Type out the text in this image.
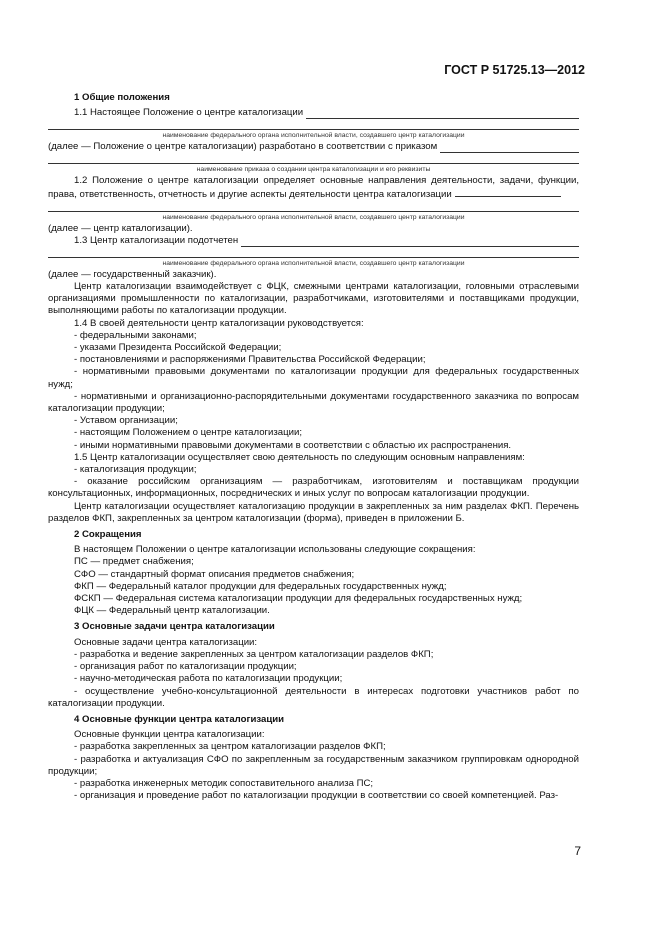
ГОСТ Р 51725.13—2012

1 Общие положения

1.1 Настоящее Положение о центре каталогизации

наименование федерального органа исполнительной власти, создавшего центр каталогизации

(далее — Положение о центре каталогизации) разработано в соответствии с приказом

наименование приказа о создании центра каталогизации и его реквизиты

1.2 Положение о центре каталогизации определяет основные направления деятельности, задачи, функции, права, ответственность, отчетность и другие аспекты деятельности центра каталогизации

наименование федерального органа исполнительной власти, создавшего центр каталогизации

(далее — центр каталогизации).

1.3 Центр каталогизации подотчетен

наименование федерального органа исполнительной власти, создавшего центр каталогизации

(далее — государственный заказчик).

Центр каталогизации взаимодействует с ФЦК, смежными центрами каталогизации, головными отраслевыми организациями промышленности по каталогизации, разработчиками, изготовителями и поставщиками продукции, выполняющими работы по каталогизации продукции.

1.4 В своей деятельности центр каталогизации руководствуется:

- федеральными законами;

- указами Президента Российской Федерации;

- постановлениями и распоряжениями Правительства Российской Федерации;

- нормативными правовыми документами по каталогизации продукции для федеральных государственных нужд;

- нормативными и организационно-распорядительными документами государственного заказчика по вопросам каталогизации продукции;

- Уставом организации;

- настоящим Положением о центре каталогизации;

- иными нормативными правовыми документами в соответствии с областью их распространения.

1.5 Центр каталогизации осуществляет свою деятельность по следующим основным направлениям:

- каталогизация продукции;

- оказание российским организациям — разработчикам, изготовителям и поставщикам продукции консультационных, информационных, посреднических и иных услуг по вопросам каталогизации продукции.

Центр каталогизации осуществляет каталогизацию продукции в закрепленных за ним разделах ФКП. Перечень разделов ФКП, закрепленных за центром каталогизации (форма), приведен в приложении Б.

2 Сокращения

В настоящем Положении о центре каталогизации использованы следующие сокращения:

ПС — предмет снабжения;

СФО — стандартный формат описания предметов снабжения;

ФКП — Федеральный каталог продукции для федеральных государственных нужд;

ФСКП — Федеральная система каталогизации продукции для федеральных государственных нужд;

ФЦК — Федеральный центр каталогизации.

3 Основные задачи центра каталогизации

Основные задачи центра каталогизации:

- разработка и ведение закрепленных за центром каталогизации разделов ФКП;

- организация работ по каталогизации продукции;

- научно-методическая работа по каталогизации продукции;

- осуществление учебно-консультационной деятельности в интересах подготовки участников работ по каталогизации продукции.

4 Основные функции центра каталогизации

Основные функции центра каталогизации:

- разработка закрепленных за центром каталогизации разделов ФКП;

- разработка и актуализация СФО по закрепленным за государственным заказчиком группировкам однородной продукции;

- разработка инженерных методик сопоставительного анализа ПС;

- организация и проведение работ по каталогизации продукции в соответствии со своей компетенцией. Раз-

7
